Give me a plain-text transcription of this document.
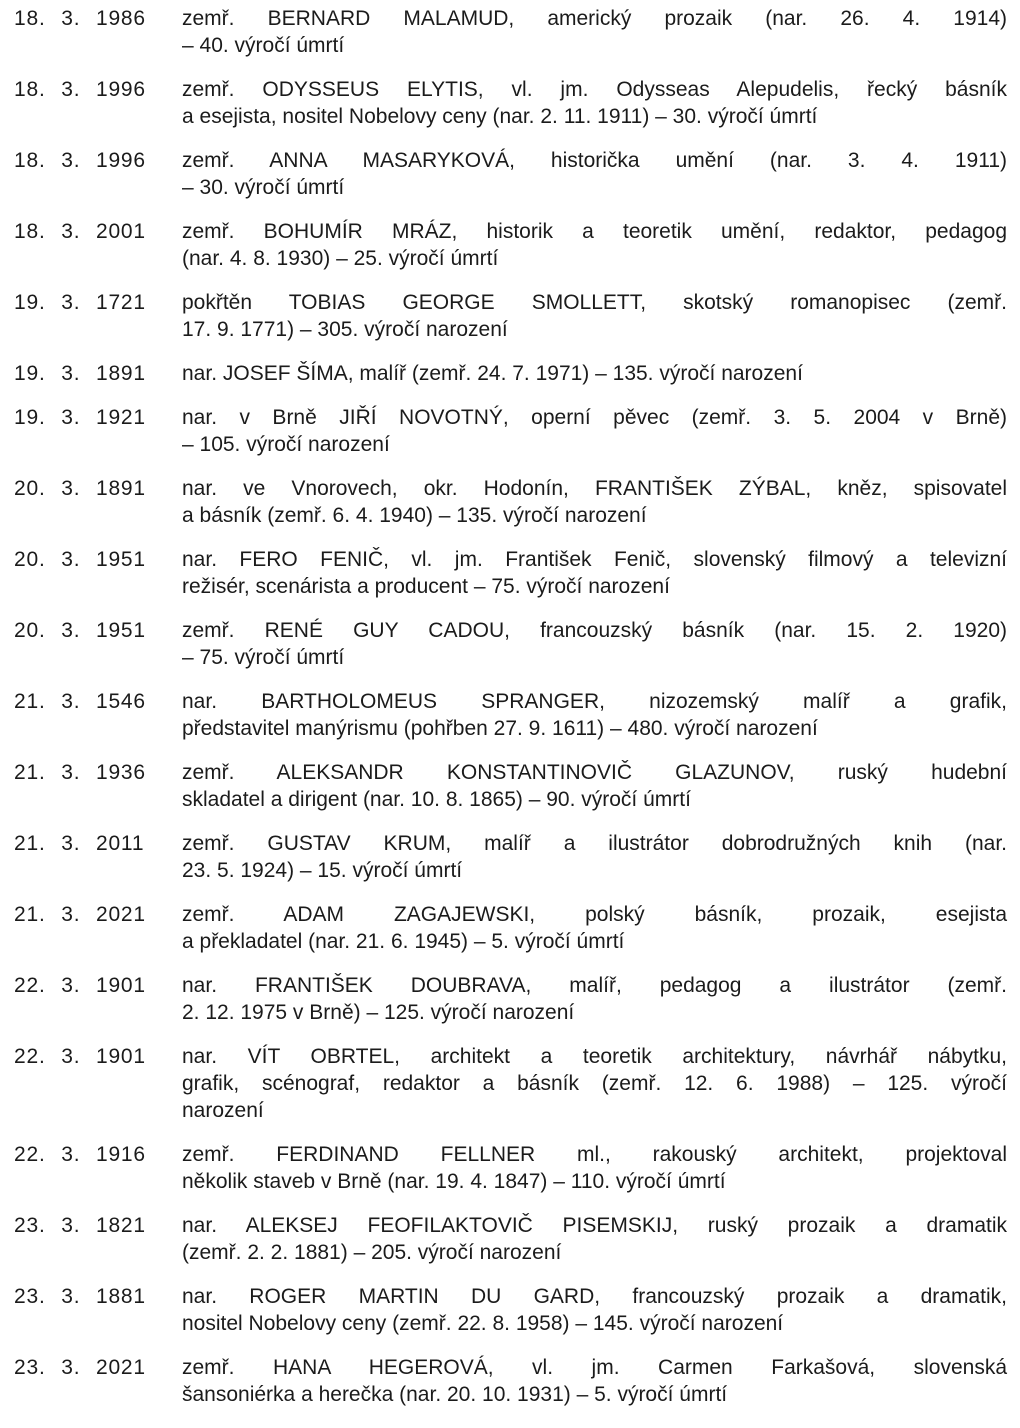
18. 3. 1986	zemř. BERNARD MALAMUD, americký prozaik (nar. 26. 4. 1914)
– 40. výročí úmrtí
18. 3. 1996	zemř. ODYSSEUS ELYTIS, vl. jm. Odysseas Alepudelis, řecký básník
a esejista, nositel Nobelovy ceny (nar. 2. 11. 1911) – 30. výročí úmrtí
18. 3. 1996	zemř. ANNA MASARYKOVÁ, historička umění (nar. 3. 4. 1911)
– 30. výročí úmrtí
18. 3. 2001	zemř. BOHUMÍR MRÁZ, historik a teoretik umění, redaktor, pedagog
(nar. 4. 8. 1930) – 25. výročí úmrtí
19. 3. 1721	pokřtěn TOBIAS GEORGE SMOLLETT, skotský romanopisec (zemř.
17. 9. 1771) – 305. výročí narození
19. 3. 1891	nar. JOSEF ŠÍMA, malíř (zemř. 24. 7. 1971) – 135. výročí narození
19. 3. 1921	nar. v Brně JIŘÍ NOVOTNÝ, operní pěvec (zemř. 3. 5. 2004 v Brně)
– 105. výročí narození
20. 3. 1891	nar. ve Vnorovech, okr. Hodonín, FRANTIŠEK ZÝBAL, kněz, spisovatel
a básník (zemř. 6. 4. 1940) – 135. výročí narození
20. 3. 1951	nar. FERO FENIČ, vl. jm. František Fenič, slovenský filmový a televizní
režisér, scenárista a producent – 75. výročí narození
20. 3. 1951	zemř. RENÉ GUY CADOU, francouzský básník (nar. 15. 2. 1920)
– 75. výročí úmrtí
21. 3. 1546	nar. BARTHOLOMEUS SPRANGER, nizozemský malíř a grafik,
představitel manýrismu (pohřben 27. 9. 1611) – 480. výročí narození
21. 3. 1936	zemř. ALEKSANDR KONSTANTINOVIČ GLAZUNOV, ruský hudební
skladatel a dirigent (nar. 10. 8. 1865) – 90. výročí úmrtí
21. 3. 2011	zemř. GUSTAV KRUM, malíř a ilustrátor dobrodružných knih (nar.
23. 5. 1924) – 15. výročí úmrtí
21. 3. 2021	zemř. ADAM ZAGAJEWSKI, polský básník, prozaik, esejista
a překladatel (nar. 21. 6. 1945) – 5. výročí úmrtí
22. 3. 1901	nar. FRANTIŠEK DOUBRAVA, malíř, pedagog a ilustrátor (zemř.
2. 12. 1975 v Brně) – 125. výročí narození
22. 3. 1901	nar. VÍT OBRTEL, architekt a teoretik architektury, návrhář nábytku,
grafik, scénograf, redaktor a básník (zemř. 12. 6. 1988) – 125. výročí
narození
22. 3. 1916	zemř. FERDINAND FELLNER ml., rakouský architekt, projektoval
několik staveb v Brně (nar. 19. 4. 1847) – 110. výročí úmrtí
23. 3. 1821	nar. ALEKSEJ FEOFILAKTOVIČ PISEMSKIJ, ruský prozaik a dramatik
(zemř. 2. 2. 1881) – 205. výročí narození
23. 3. 1881	nar. ROGER MARTIN DU GARD, francouzský prozaik a dramatik,
nositel Nobelovy ceny (zemř. 22. 8. 1958) – 145. výročí narození
23. 3. 2021	zemř. HANA HEGEROVÁ, vl. jm. Carmen Farkašová, slovenská
šansoniérka a herečka (nar. 20. 10. 1931) – 5. výročí úmrtí
